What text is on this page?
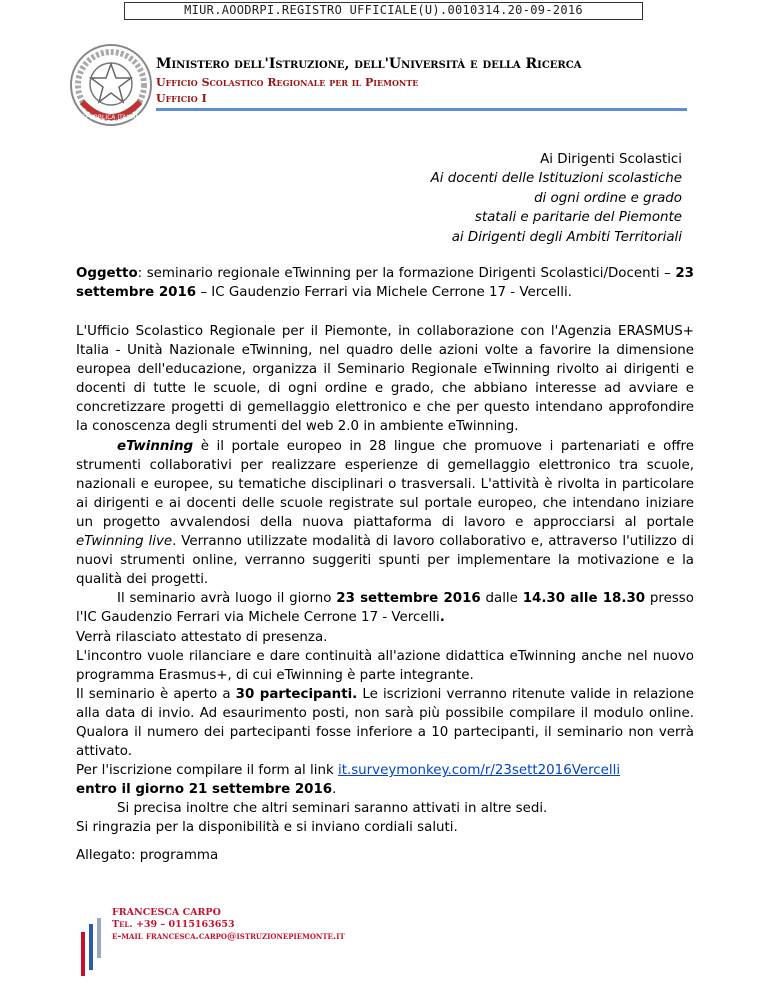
MIUR.AOODRPI.REGISTRO UFFICIALE(U).0010314.20-09-2016
REPUBBLICA ITALIANA
Ministero dell'Istruzione, dell'Università e della Ricerca
Ufficio Scolastico Regionale per il Piemonte
Ufficio I
Ai Dirigenti Scolastici
Ai docenti delle Istituzioni scolastiche
di ogni ordine e grado
statali e paritarie del Piemonte
ai Dirigenti degli Ambiti Territoriali
Oggetto: seminario regionale eTwinning per la formazione Dirigenti Scolastici/Docenti – 23 settembre 2016 – IC Gaudenzio Ferrari via Michele Cerrone 17 - Vercelli.
L'Ufficio Scolastico Regionale per il Piemonte, in collaborazione con l'Agenzia ERASMUS+ Italia - Unità Nazionale eTwinning, nel quadro delle azioni volte a favorire la dimensione europea dell'educazione, organizza il Seminario Regionale eTwinning rivolto ai dirigenti e docenti di tutte le scuole, di ogni ordine e grado, che abbiano interesse ad avviare e concretizzare progetti di gemellaggio elettronico e che per questo intendano approfondire la conoscenza degli strumenti del web 2.0 in ambiente eTwinning.
eTwinning è il portale europeo in 28 lingue che promuove i partenariati e offre strumenti collaborativi per realizzare esperienze di gemellaggio elettronico tra scuole, nazionali e europee, su tematiche disciplinari o trasversali. L'attività è rivolta in particolare ai dirigenti e ai docenti delle scuole registrate sul portale europeo, che intendano iniziare un progetto avvalendosi della nuova piattaforma di lavoro e approcciarsi al portale eTwinning live. Verranno utilizzate modalità di lavoro collaborativo e, attraverso l'utilizzo di nuovi strumenti online, verranno suggeriti spunti per implementare la motivazione e la qualità dei progetti.
Il seminario avrà luogo il giorno 23 settembre 2016 dalle 14.30 alle 18.30 presso l'IC Gaudenzio Ferrari via Michele Cerrone 17 - Vercelli.
Verrà rilasciato attestato di presenza.
L'incontro vuole rilanciare e dare continuità all'azione didattica eTwinning anche nel nuovo programma Erasmus+, di cui eTwinning è parte integrante.
Il seminario è aperto a 30 partecipanti. Le iscrizioni verranno ritenute valide in relazione alla data di invio. Ad esaurimento posti, non sarà più possibile compilare il modulo online. Qualora il numero dei partecipanti fosse inferiore a 10 partecipanti, il seminario non verrà attivato.
Per l'iscrizione compilare il form al link it.surveymonkey.com/r/23sett2016Vercelli
entro il giorno 21 settembre 2016.
Si precisa inoltre che altri seminari saranno attivati in altre sedi.
Si ringrazia per la disponibilità e si inviano cordiali saluti.
Allegato: programma
FRANCESCA CARPO
Tel. +39 – 0115163653
e-mail francesca.carpo@istruzionepiemonte.it
